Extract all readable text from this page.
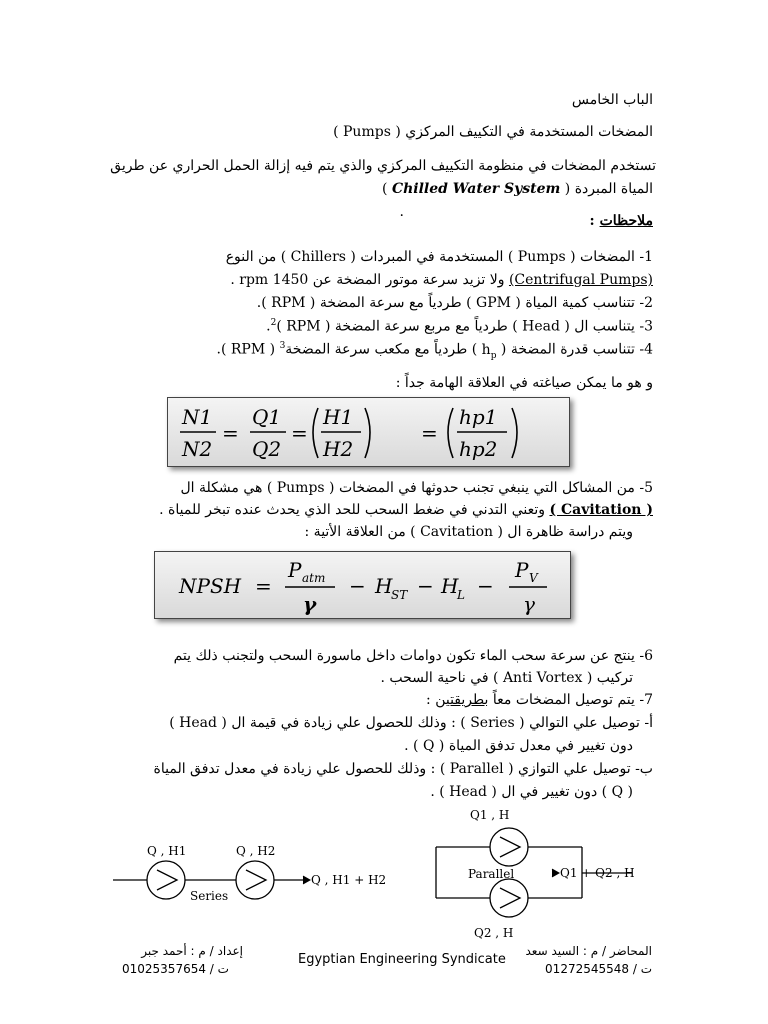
الباب الخامس
المضخات المستخدمة في التكييف المركزي ( Pumps )
تستخدم المضخات في منظومة التكييف المركزي والذي يتم فيه إزالة الحمل الحراري عن طريق
المياة المبردة ( Chilled Water System )
.
ملاحظات :
1- المضخات ( Pumps ) المستخدمة في المبردات ( Chillers ) من النوع
(Centrifugal Pumps) ولا تزيد سرعة موتور المضخة عن 1450 rpm .
2- تتناسب كمية المياة ( GPM ) طردياً مع سرعة المضخة ( RPM ).
3- يتناسب ال ( Head ) طردياً مع مربع سرعة المضخة ( RPM )$^2$.
4- تتناسب قدرة المضخة ( $h_p$ ) طردياً مع مكعب سرعة المضخة$^3$ ( RPM ).
و هو ما يمكن صياغته في العلاقة الهامة جداً :
N1
N2
=
Q1
Q2
=
H1
H2
=
hp1
hp2
5- من المشاكل التي ينبغي تجنب حدوثها في المضخات ( Pumps ) هي مشكلة ال
( Cavitation ) وتعني التدني في ضغط السحب للحد الذي يحدث عنده تبخر للمياة .
ويتم دراسة ظاهرة ال ( Cavitation ) من العلاقة الأتية :
NPSH =
P atm
γ
− H
ST − H
L −
P V
γ
6- ينتج عن سرعة سحب الماء تكون دوامات داخل ماسورة السحب ولتجنب ذلك يتم
تركيب ( Anti Vortex ) في ناحية السحب .
7- يتم توصيل المضخات معاً بطريقتين :
أ- توصيل علي التوالي ( Series ) : وذلك للحصول علي زيادة في قيمة ال ( Head )
دون تغيير في معدل تدفق المياة ( Q ) .
ب- توصيل علي التوازي ( Parallel ) : وذلك للحصول علي زيادة في معدل تدفق المياة
( Q ) دون تغيير في ال ( Head ) .
Q , H1	Q , H2
Q , H1 + H2
Series
Q1 , H
Parallel	Q1 + Q2 , H
Q2 , H
إعداد / م : أحمد جبر
ت / 01025357654
Egyptian Engineering Syndicate
المحاضر / م : السيد سعد
ت / 01272545548
